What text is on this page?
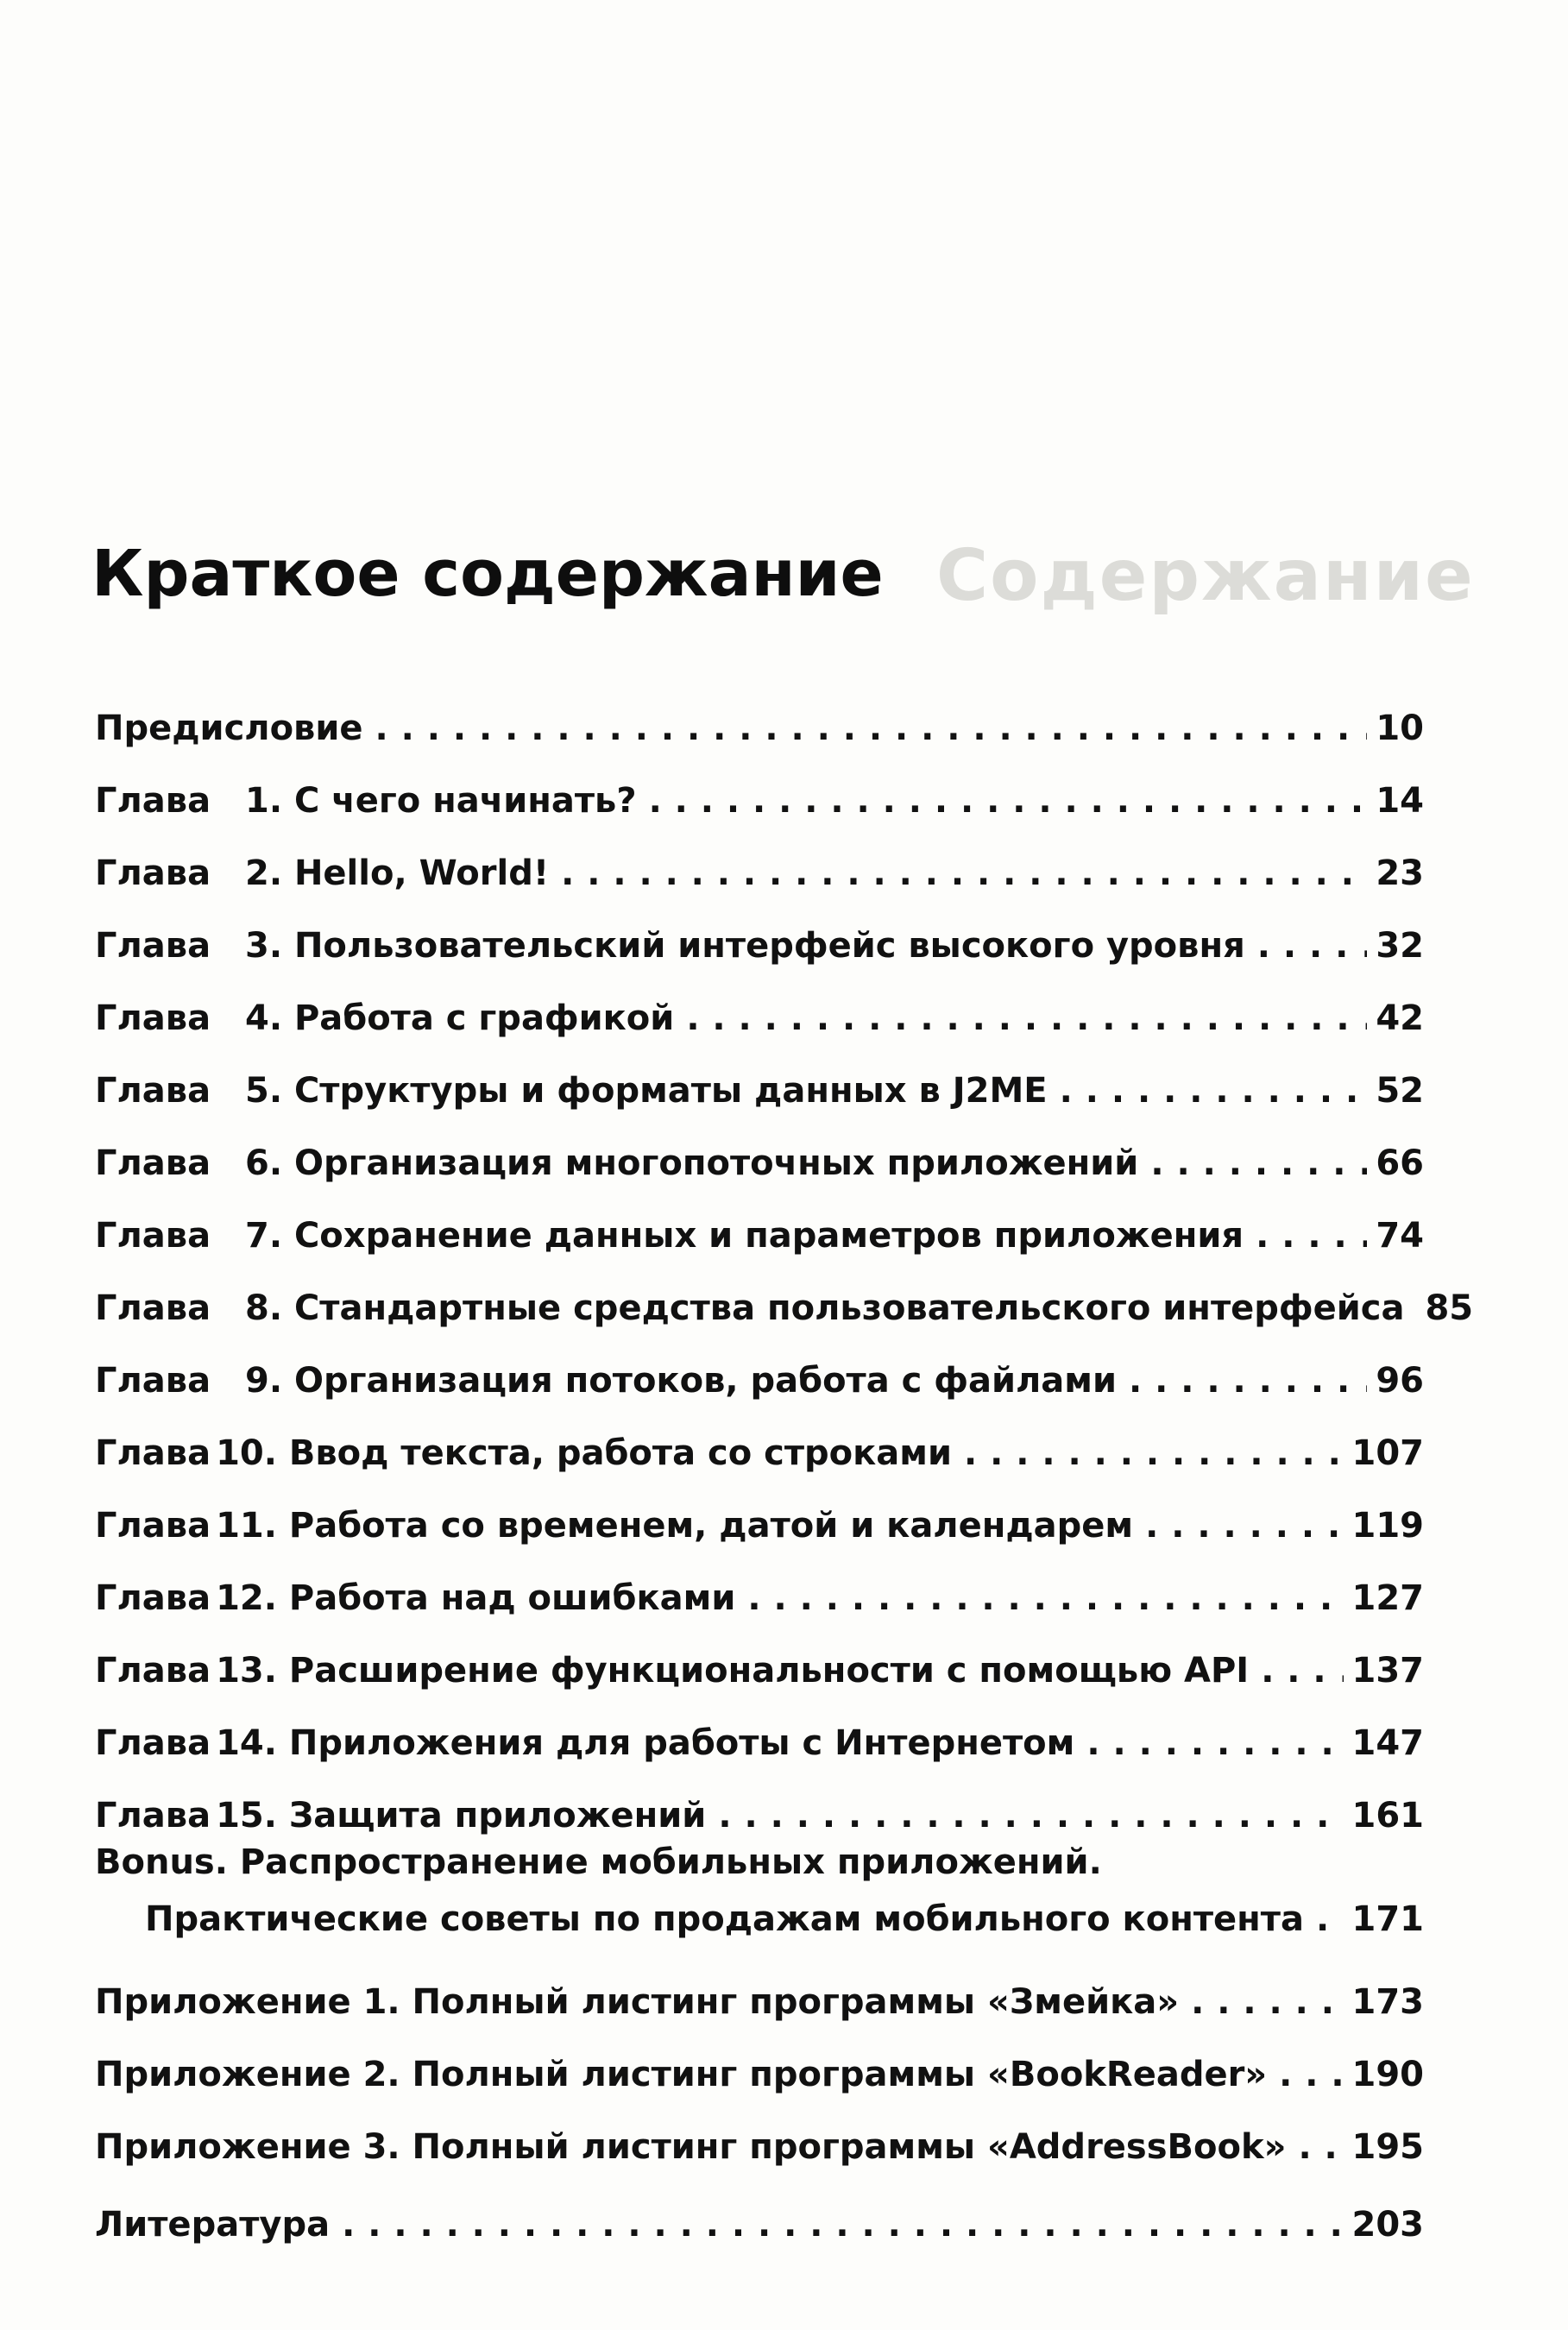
Содержание
Краткое содержание
Предисловие . . .	10
Глава 1. С чего начинать? . . .	14
Глава 2. Hello, World! . . .	23
Глава 3. Пользовательский интерфейс высокого уровня . . .	32
Глава 4. Работа с графикой . . .	42
Глава 5. Структуры и форматы данных в J2ME . . .	52
Глава 6. Организация многопоточных приложений . . .	66
Глава 7. Сохранение данных и параметров приложения . . .	74
Глава 8. Стандартные средства пользовательского интерфейса 85
Глава 9. Организация потоков, работа с файлами . . .	96
Глава 10. Ввод текста, работа со строками . . .	107
Глава 11. Работа со временем, датой и календарем . . .	119
Глава 12. Работа над ошибками . . .	127
Глава 13. Расширение функциональности с помощью API . . .	137
Глава 14. Приложения для работы с Интернетом . . .	147
Глава 15. Защита приложений . . .	161
Bonus. Распространение мобильных приложений.
Практические советы по продажам мобильного контента . . . 171
Приложение 1. Полный листинг программы «Змейка» . . .	173
Приложение 2. Полный листинг программы «BookReader» . . . 190
Приложение 3. Полный листинг программы «AddressBook» . . . 195
Литература . . .	203
